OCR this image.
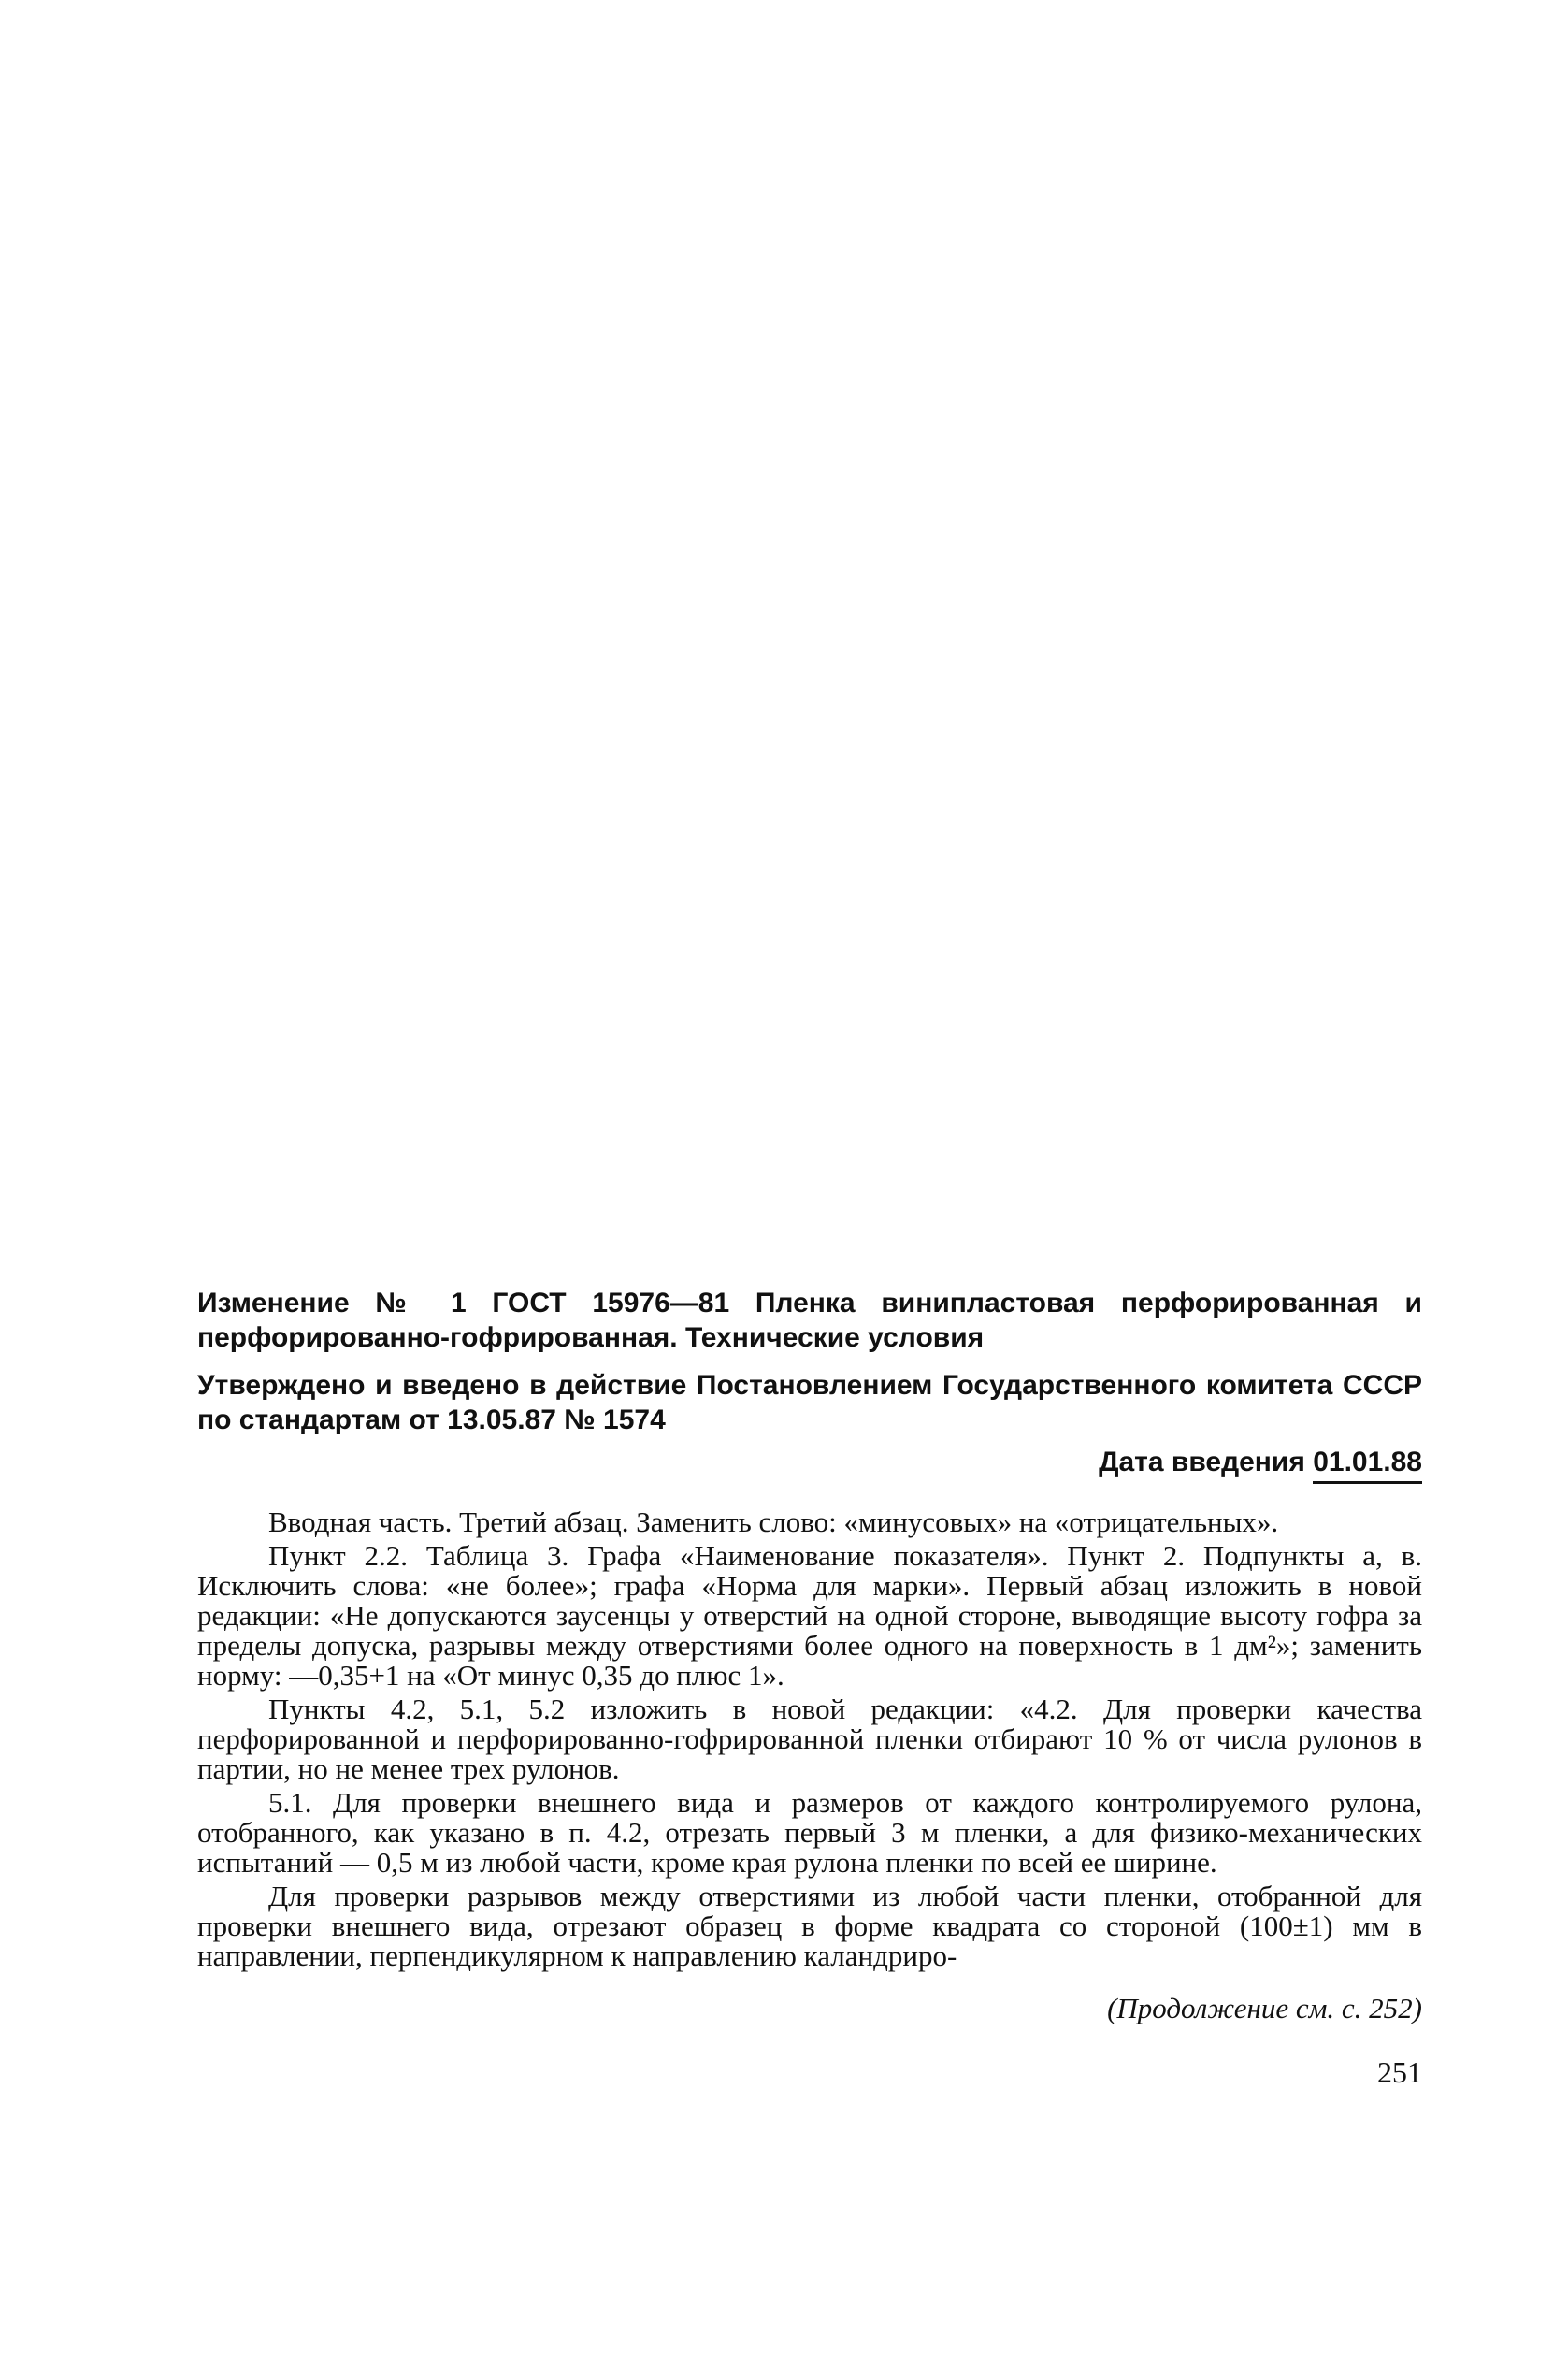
Изменение № 1 ГОСТ 15976—81 Пленка винипластовая перфорированная и перфорированно-гофрированная. Технические условия

Утверждено и введено в действие Постановлением Государственного комитета СССР по стандартам от 13.05.87 № 1574

Дата введения 01.01.88

Вводная часть. Третий абзац. Заменить слово: «минусовых» на «отрицательных».

Пункт 2.2. Таблица 3. Графа «Наименование показателя». Пункт 2. Подпункты а, в. Исключить слова: «не более»; графа «Норма для марки». Первый абзац изложить в новой редакции: «Не допускаются заусенцы у отверстий на одной стороне, выводящие высоту гофра за пределы допуска, разрывы между отверстиями более одного на поверхность в 1 дм²»; заменить норму: —0,35+1 на «От минус 0,35 до плюс 1».

Пункты 4.2, 5.1, 5.2 изложить в новой редакции: «4.2. Для проверки качества перфорированной и перфорированно-гофрированной пленки отбирают 10 % от числа рулонов в партии, но не менее трех рулонов.

5.1. Для проверки внешнего вида и размеров от каждого контролируемого рулона, отобранного, как указано в п. 4.2, отрезать первый 3 м пленки, а для физико-механических испытаний — 0,5 м из любой части, кроме края рулона пленки по всей ее ширине.

Для проверки разрывов между отверстиями из любой части пленки, отобранной для проверки внешнего вида, отрезают образец в форме квадрата со стороной (100±1) мм в направлении, перпендикулярном к направлению каландриро-

(Продолжение см. с. 252)
251
